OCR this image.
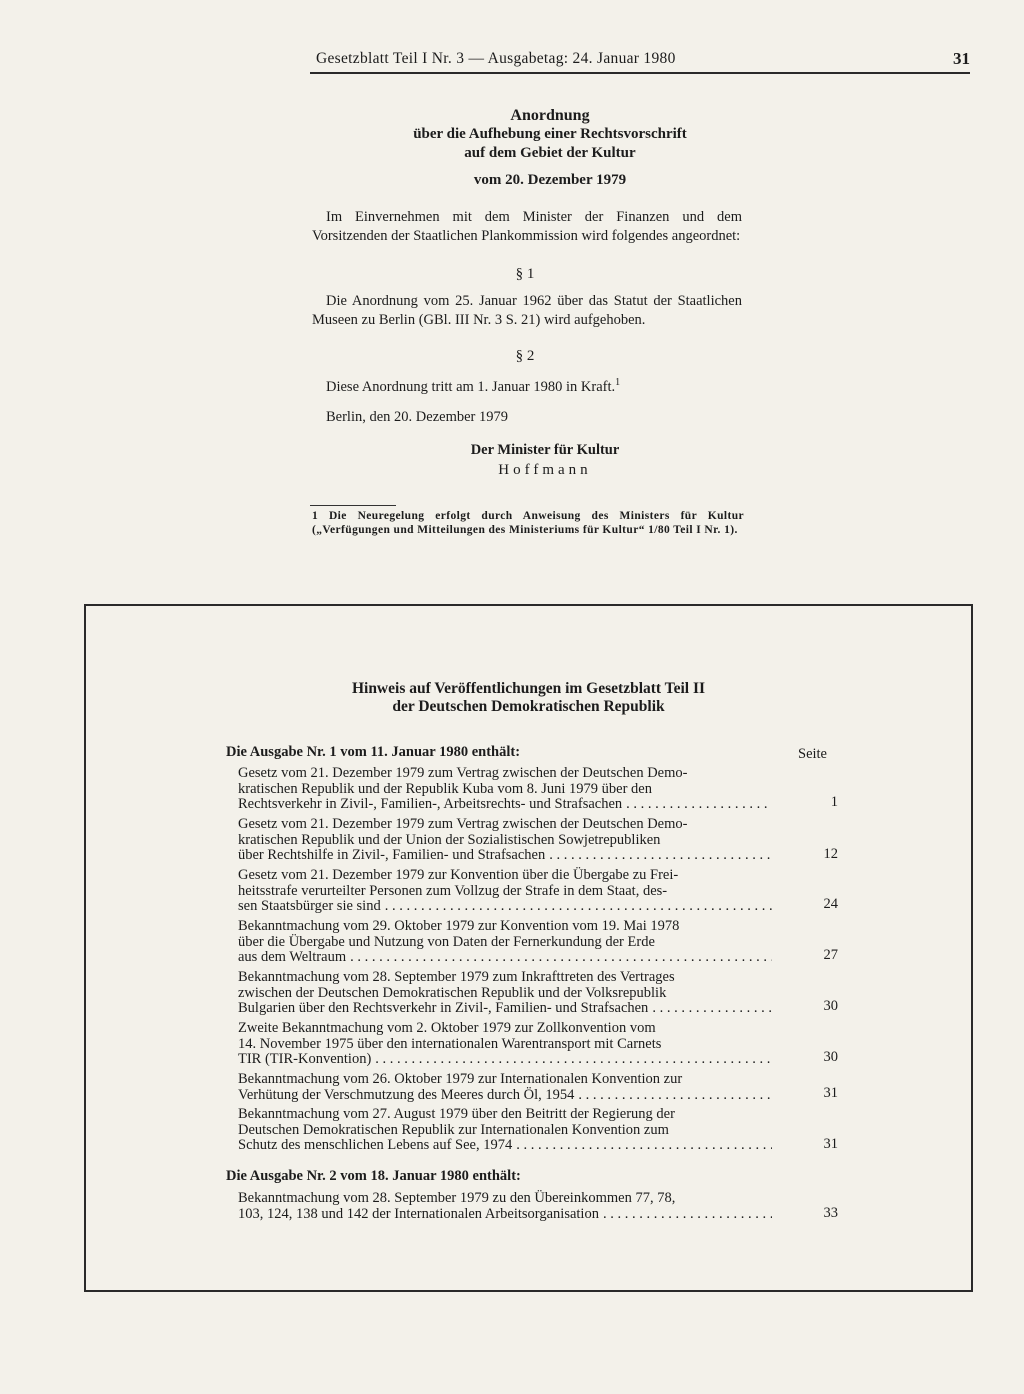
Gesetzblatt Teil I Nr. 3 — Ausgabetag: 24. Januar 1980	31
Anordnung
über die Aufhebung einer Rechtsvorschrift
auf dem Gebiet der Kultur
vom 20. Dezember 1979
Im Einvernehmen mit dem Minister der Finanzen und dem Vorsitzenden der Staatlichen Plankommission wird folgendes angeordnet:
§ 1
Die Anordnung vom 25. Januar 1962 über das Statut der Staatlichen Museen zu Berlin (GBl. III Nr. 3 S. 21) wird aufgehoben.
§ 2
Diese Anordnung tritt am 1. Januar 1980 in Kraft.$^1$
Berlin, den 20. Dezember 1979
Der Minister für Kultur
Hoffmann
1 Die Neuregelung erfolgt durch Anweisung des Ministers für Kultur („Verfügungen und Mitteilungen des Ministeriums für Kultur“ 1/80 Teil I Nr. 1).
Hinweis auf Veröffentlichungen im Gesetzblatt Teil II
der Deutschen Demokratischen Republik
Die Ausgabe Nr. 1 vom 11. Januar 1980 enthält:	Seite
Gesetz vom 21. Dezember 1979 zum Vertrag zwischen der Deutschen Demo-
kratischen Republik und der Republik Kuba vom 8. Juni 1979 über den
Rechtsverkehr in Zivil-, Familien-, Arbeitsrechts- und Strafsachen . . .	1
Gesetz vom 21. Dezember 1979 zum Vertrag zwischen der Deutschen Demo-
kratischen Republik und der Union der Sozialistischen Sowjetrepubliken
über Rechtshilfe in Zivil-, Familien- und Strafsachen . . .	12
Gesetz vom 21. Dezember 1979 zur Konvention über die Übergabe zu Frei-
heitsstrafe verurteilter Personen zum Vollzug der Strafe in dem Staat, des-
sen Staatsbürger sie sind . . .	24
Bekanntmachung vom 29. Oktober 1979 zur Konvention vom 19. Mai 1978
über die Übergabe und Nutzung von Daten der Fernerkundung der Erde
aus dem Weltraum . . .	27
Bekanntmachung vom 28. September 1979 zum Inkrafttreten des Vertrages
zwischen der Deutschen Demokratischen Republik und der Volksrepublik
Bulgarien über den Rechtsverkehr in Zivil-, Familien- und Strafsachen . . .	30
Zweite Bekanntmachung vom 2. Oktober 1979 zur Zollkonvention vom
14. November 1975 über den internationalen Warentransport mit Carnets
TIR (TIR-Konvention) . . .	30
Bekanntmachung vom 26. Oktober 1979 zur Internationalen Konvention zur
Verhütung der Verschmutzung des Meeres durch Öl, 1954 . . .	31
Bekanntmachung vom 27. August 1979 über den Beitritt der Regierung der
Deutschen Demokratischen Republik zur Internationalen Konvention zum
Schutz des menschlichen Lebens auf See, 1974 . . .	31
Die Ausgabe Nr. 2 vom 18. Januar 1980 enthält:
Bekanntmachung vom 28. September 1979 zu den Übereinkommen 77, 78,
103, 124, 138 und 142 der Internationalen Arbeitsorganisation . . .	33
